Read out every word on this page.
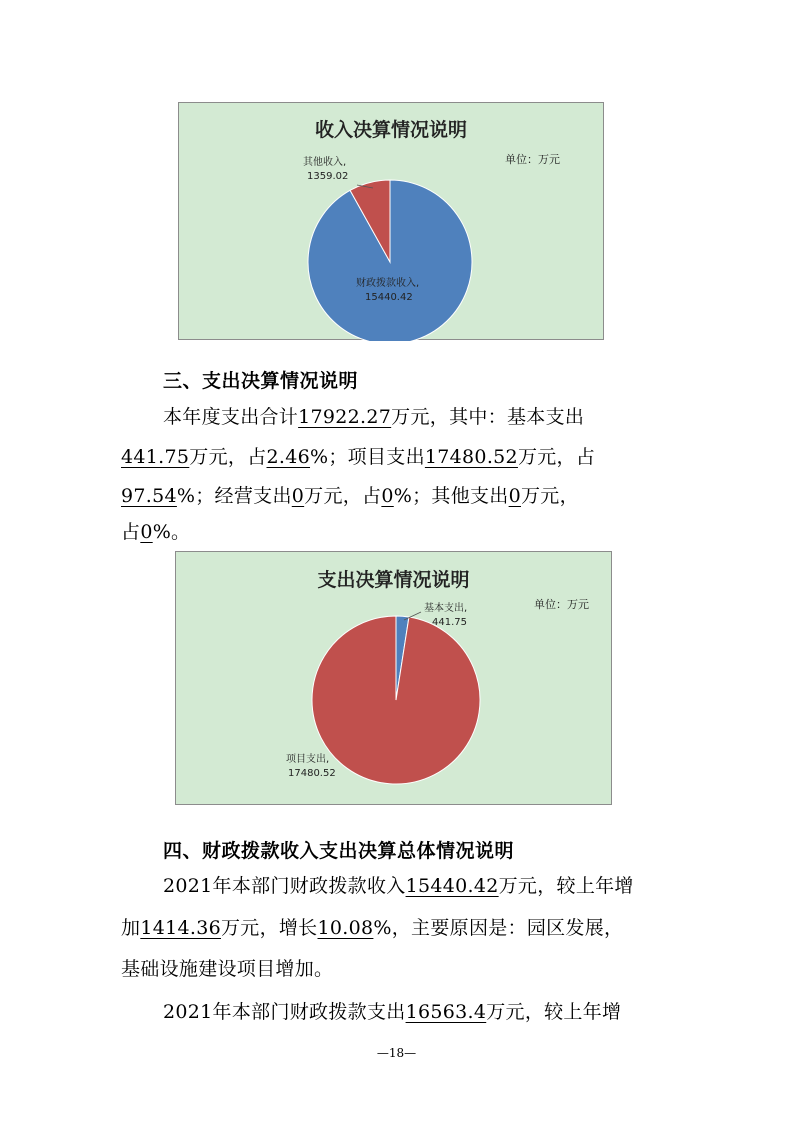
收入决算情况说明
单位：万元
其他收入,
1359.02
财政拨款收入,
15440.42
三、支出决算情况说明
本年度支出合计17922.27万元，其中：基本支出
441.75万元，占2.46%；项目支出17480.52万元，占
97.54%；经营支出0万元，占0%；其他支出0万元，
占0%。
支出决算情况说明
单位：万元
基本支出,
441.75
项目支出,
17480.52
四、财政拨款收入支出决算总体情况说明
2021年本部门财政拨款收入15440.42万元，较上年增
加1414.36万元，增长10.08%，主要原因是：园区发展，
基础设施建设项目增加。
2021年本部门财政拨款支出16563.4万元，较上年增
—18—
